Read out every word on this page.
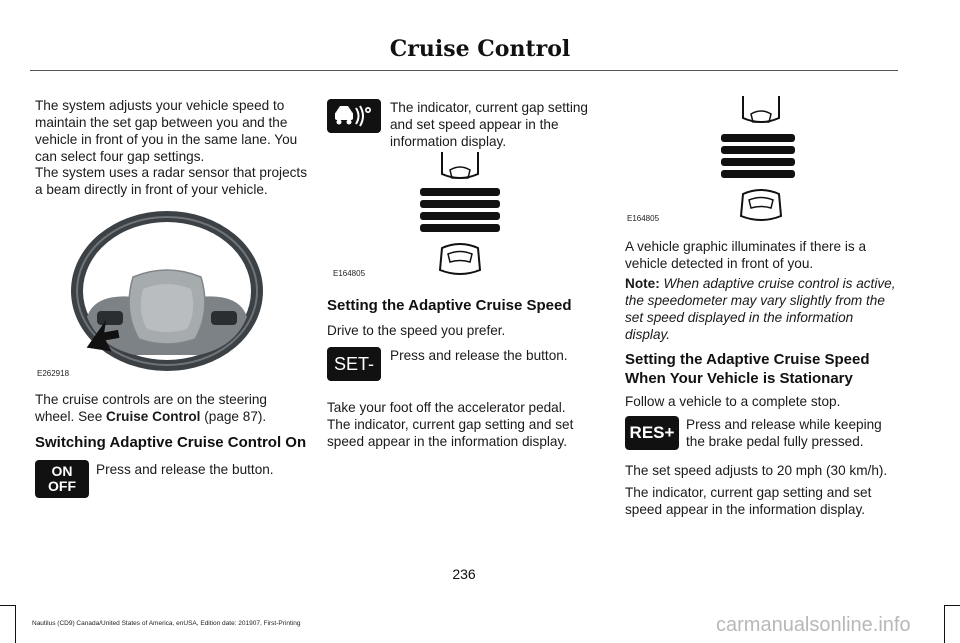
Cruise Control

The system adjusts your vehicle speed to maintain the set gap between you and the vehicle in front of you in the same lane. You can select four gap settings.

The system uses a radar sensor that projects a beam directly in front of your vehicle.

E262918

The cruise controls are on the steering wheel. See Cruise Control (page 87).

Switching Adaptive Cruise Control On

ON
OFF

Press and release the button.

The indicator, current gap setting and set speed appear in the information display.

E164805

Setting the Adaptive Cruise Speed

Drive to the speed you prefer.

SET-	Press and release the button.

Take your foot off the accelerator pedal.

The indicator, current gap setting and set speed appear in the information display.

E164805

A vehicle graphic illuminates if there is a vehicle detected in front of you.

Note: When adaptive cruise control is active, the speedometer may vary slightly from the set speed displayed in the information display.

Setting the Adaptive Cruise Speed When Your Vehicle is Stationary

Follow a vehicle to a complete stop.

RES+ Press and release while keeping the brake pedal fully pressed.

The set speed adjusts to 20 mph (30 km/h).

The indicator, current gap setting and set speed appear in the information display.

236
Nautilus (CD9) Canada/United States of America, enUSA, Edition date: 201907, First-Printing	carmanualsonline.info
